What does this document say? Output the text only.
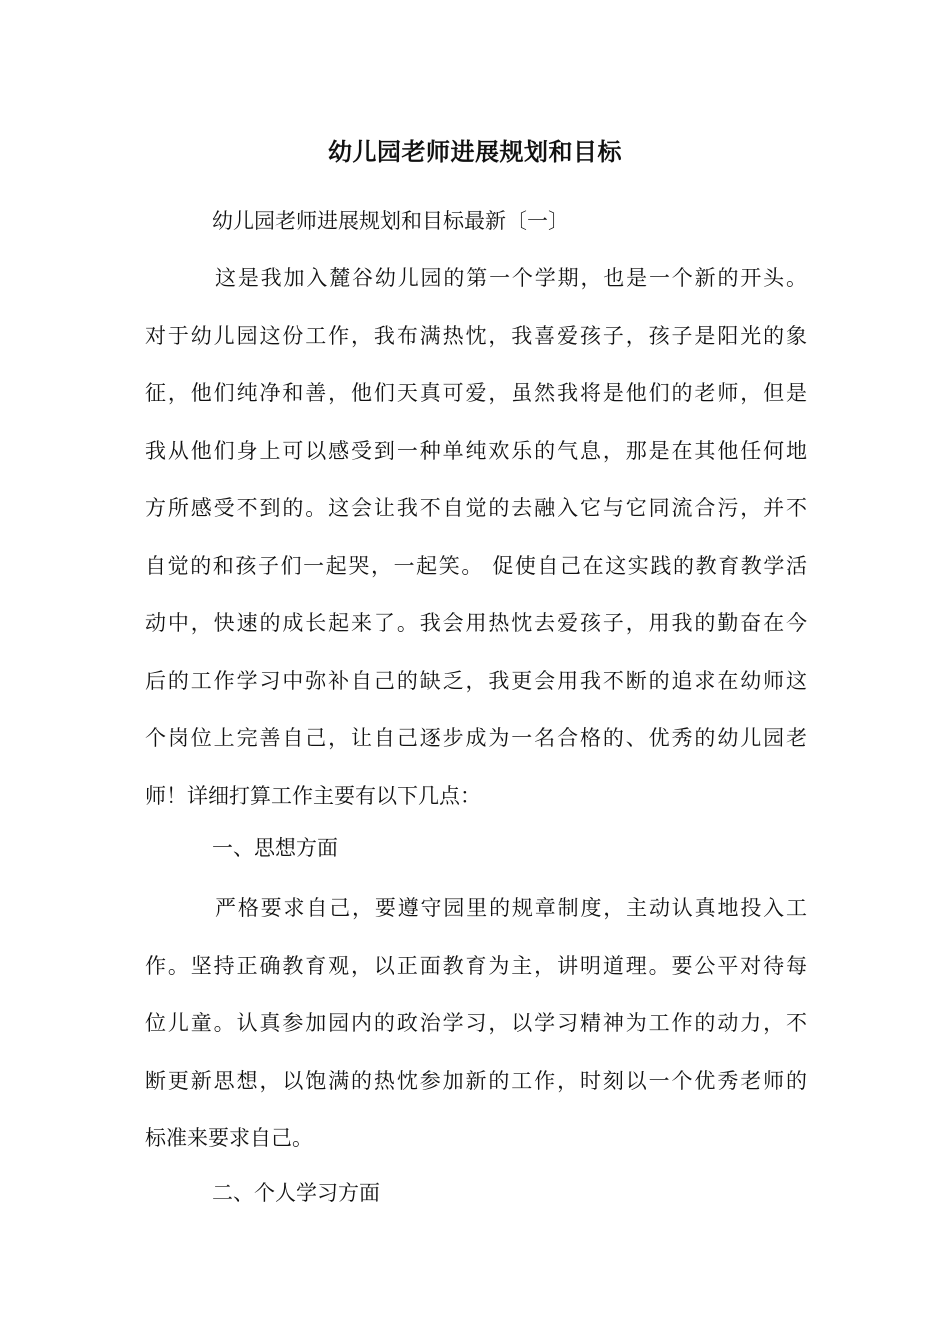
幼儿园老师进展规划和目标

幼儿园老师进展规划和目标最新〔一〕

这是我加入麓谷幼儿园的第一个学期，也是一个新的开头。
对于幼儿园这份工作，我布满热忱，我喜爱孩子，孩子是阳光的象
征，他们纯净和善，他们天真可爱，虽然我将是他们的老师，但是
我从他们身上可以感受到一种单纯欢乐的气息，那是在其他任何地
方所感受不到的。这会让我不自觉的去融入它与它同流合污，并不
自觉的和孩子们一起哭，一起笑。 促使自己在这实践的教育教学活
动中，快速的成长起来了。我会用热忱去爱孩子，用我的勤奋在今
后的工作学习中弥补自己的缺乏，我更会用我不断的追求在幼师这
个岗位上完善自己，让自己逐步成为一名合格的、优秀的幼儿园老
师！详细打算工作主要有以下几点：

一、思想方面

严格要求自己，要遵守园里的规章制度，主动认真地投入工
作。坚持正确教育观，以正面教育为主，讲明道理。要公平对待每
位儿童。认真参加园内的政治学习，以学习精神为工作的动力，不
断更新思想，以饱满的热忱参加新的工作，时刻以一个优秀老师的
标准来要求自己。

二、个人学习方面
